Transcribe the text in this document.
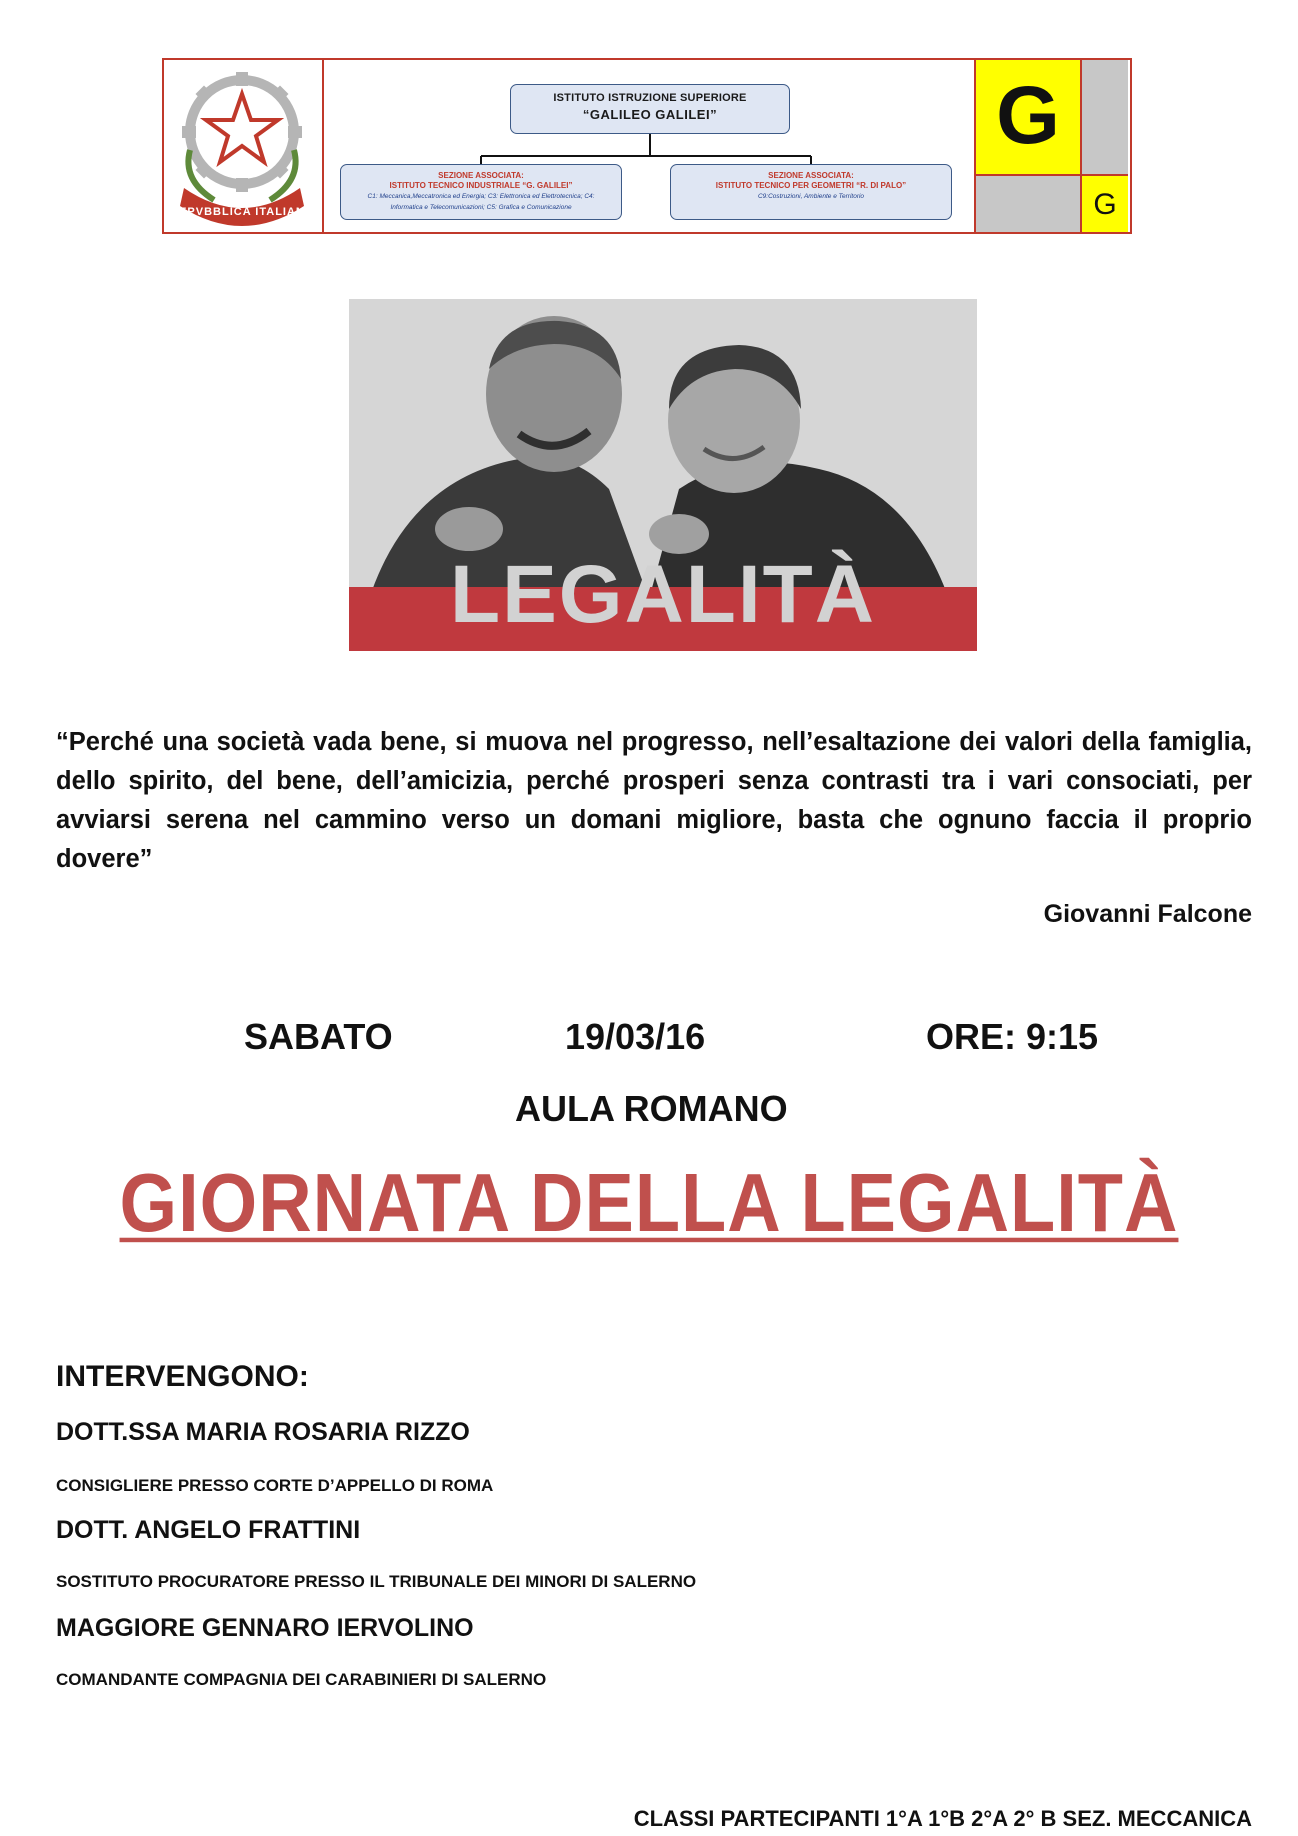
REPVBBLICA ITALIANA
ISTITUTO ISTRUZIONE SUPERIORE
“GALILEO GALILEI”
SEZIONE ASSOCIATA:
ISTITUTO TECNICO INDUSTRIALE “G. GALILEI”
C1: Meccanica,Meccatronica ed Energia; C3: Elettronica ed Elettrotecnica; C4:
Informatica e Telecomunicazioni; C5: Grafica e Comunicazione
SEZIONE ASSOCIATA:
ISTITUTO TECNICO PER GEOMETRI “R. DI PALO”
C9:Costruzioni, Ambiente e Territorio
G
G
LEGALITÀ
“Perché una società vada bene, si muova nel progresso, nell’esaltazione dei valori della famiglia, dello spirito, del bene, dell’amicizia, perché prosperi senza contrasti tra i vari consociati, per avviarsi serena nel cammino verso un domani migliore, basta che ognuno faccia il proprio dovere”
Giovanni Falcone
SABATO	19/03/16	ORE: 9:15
AULA ROMANO
GIORNATA DELLA LEGALITÀ
INTERVENGONO:
DOTT.SSA MARIA ROSARIA RIZZO
CONSIGLIERE PRESSO CORTE D’APPELLO DI ROMA
DOTT. ANGELO FRATTINI
SOSTITUTO PROCURATORE PRESSO IL TRIBUNALE DEI MINORI DI SALERNO
MAGGIORE GENNARO IERVOLINO
COMANDANTE COMPAGNIA DEI CARABINIERI DI SALERNO
CLASSI PARTECIPANTI 1°A 1°B 2°A 2° B SEZ. MECCANICA
